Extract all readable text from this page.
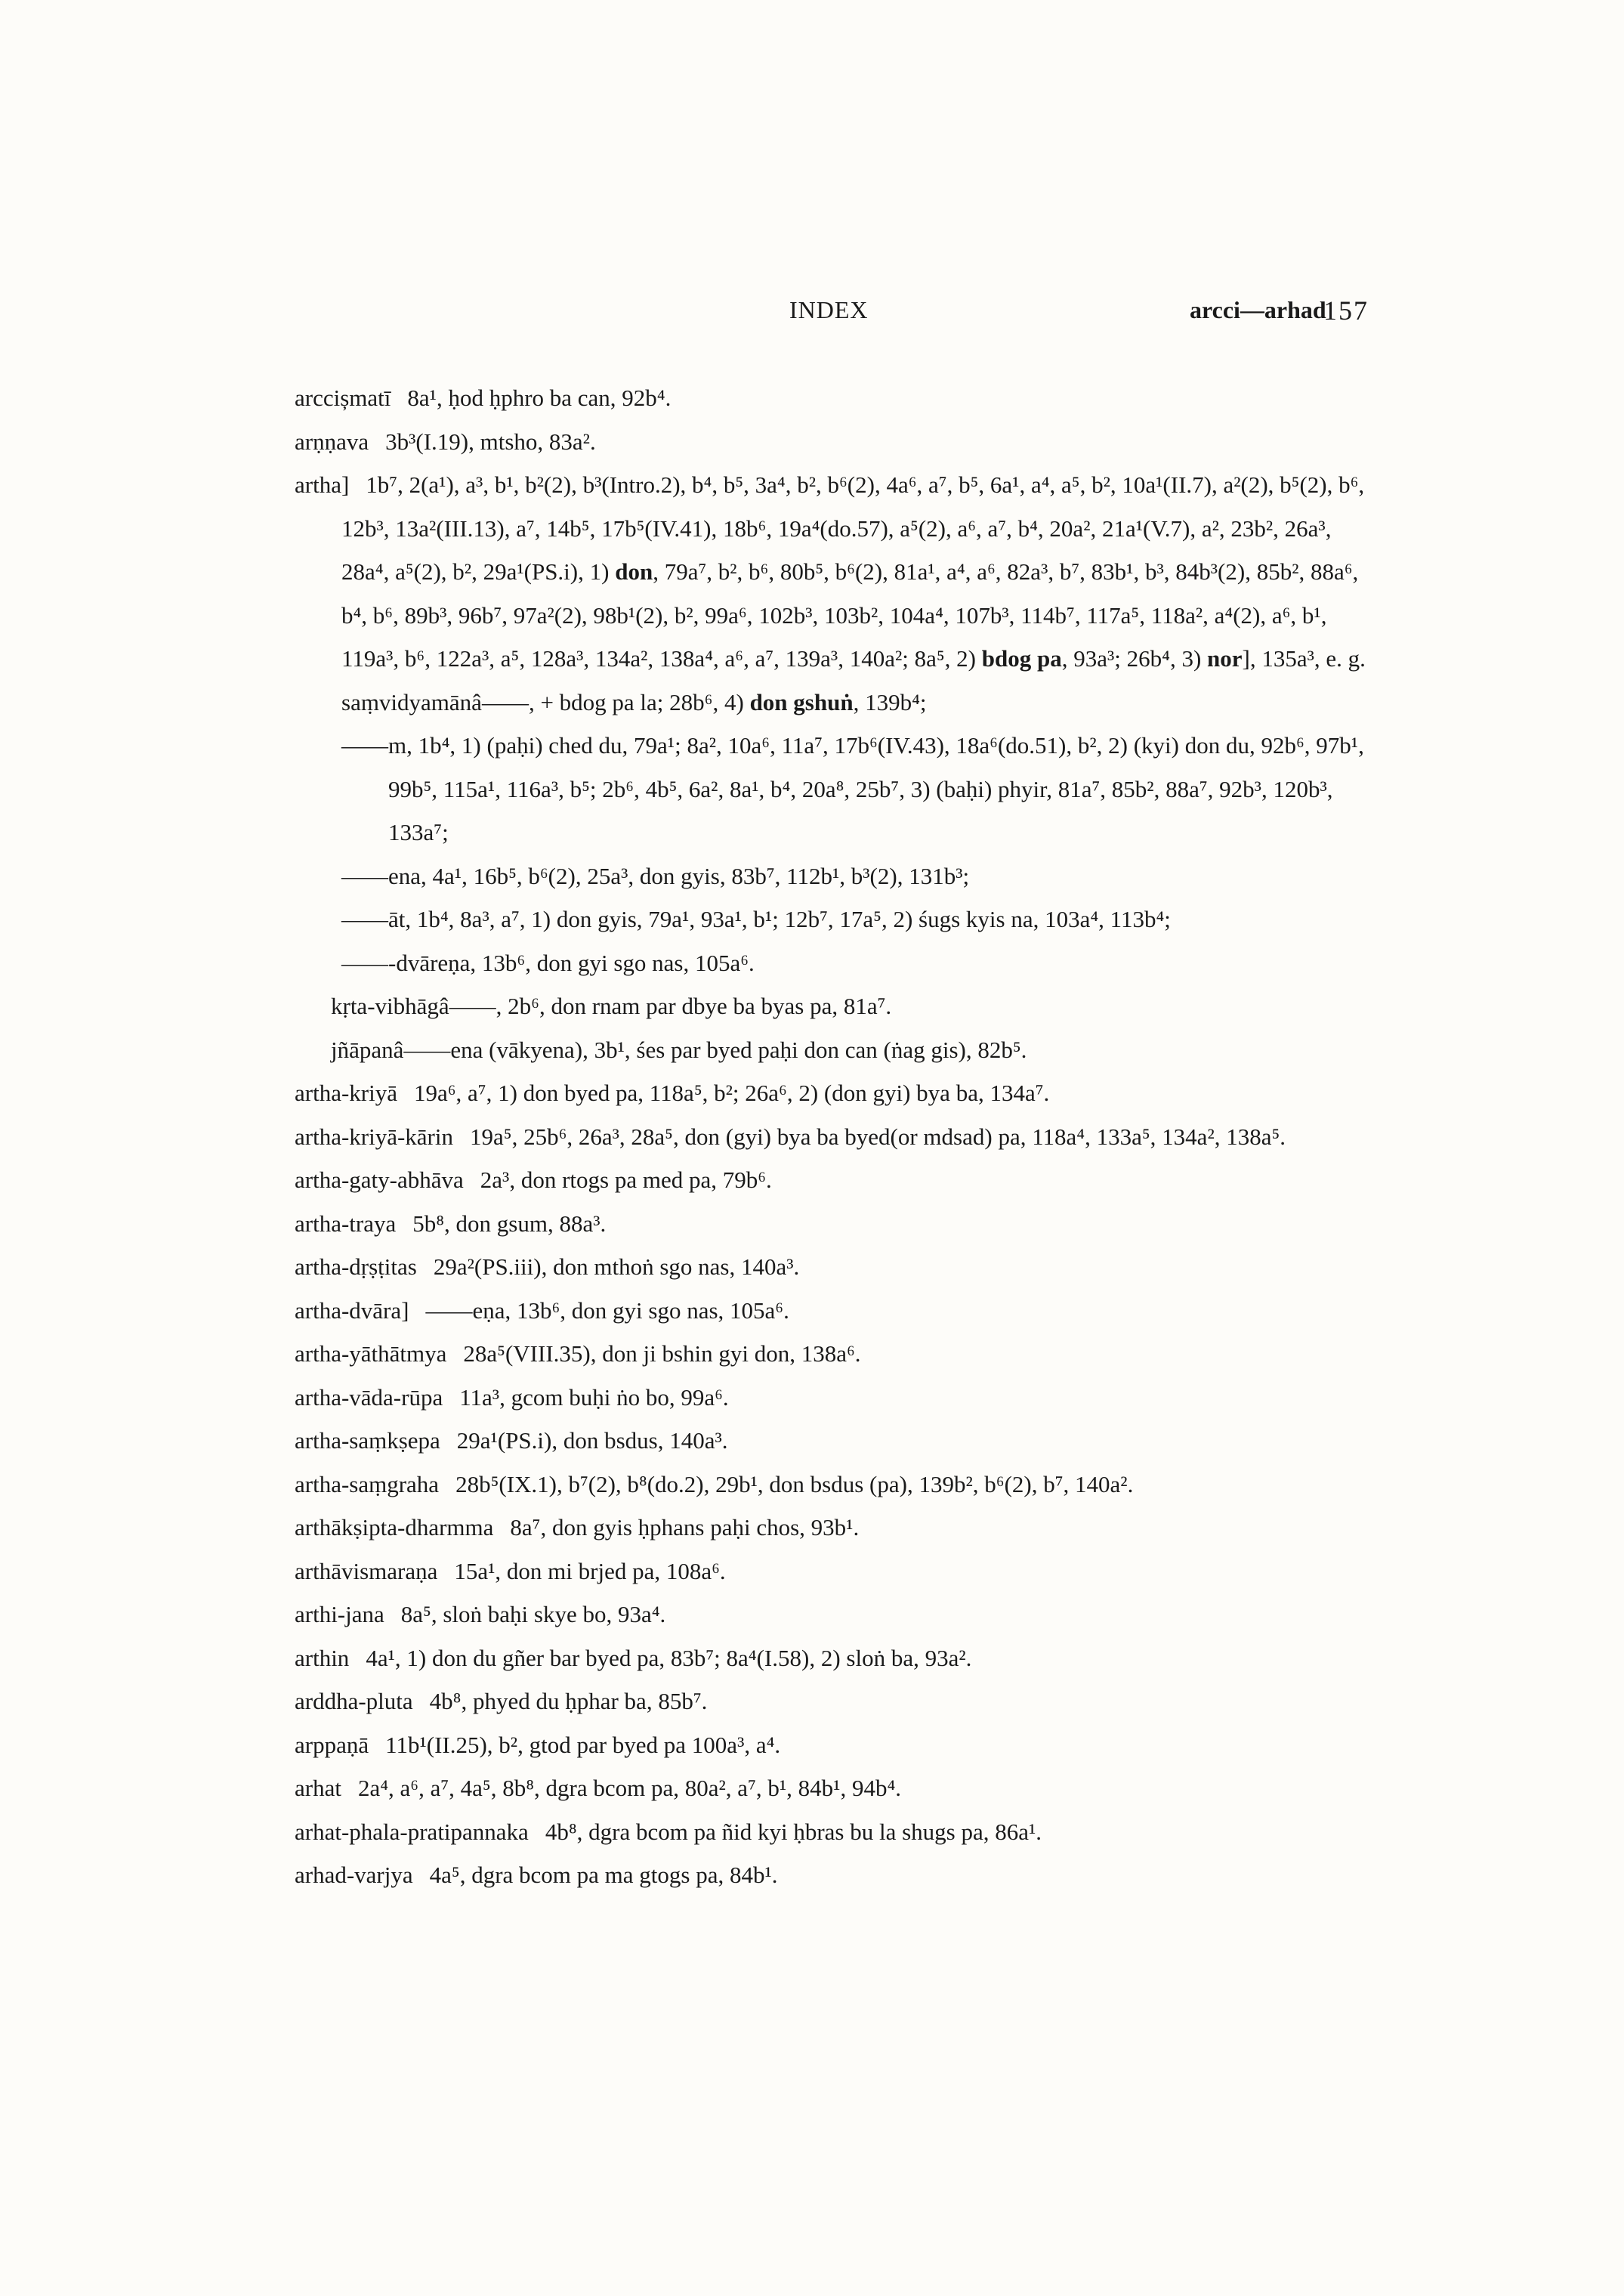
INDEX	arcci—arhad
157
arccișmatī 8a¹, ḥod ḥphro ba can, 92b⁴.
arṇṇava 3b³(I.19), mtsho, 83a².
artha] 1b⁷, 2(a¹), a³, b¹, b²(2), b³(Intro.2), b⁴, b⁵, 3a⁴, b², b⁶(2), 4a⁶, a⁷, b⁵, 6a¹, a⁴, a⁵, b², 10a¹(II.7), a²(2), b⁵(2), b⁶, 12b³, 13a²(III.13), a⁷, 14b⁵, 17b⁵(IV.41), 18b⁶, 19a⁴(do.57), a⁵(2), a⁶, a⁷, b⁴, 20a², 21a¹(V.7), a², 23b², 26a³, 28a⁴, a⁵(2), b², 29a¹(PS.i), 1) don, 79a⁷, b², b⁶, 80b⁵, b⁶(2), 81a¹, a⁴, a⁶, 82a³, b⁷, 83b¹, b³, 84b³(2), 85b², 88a⁶, b⁴, b⁶, 89b³, 96b⁷, 97a²(2), 98b¹(2), b², 99a⁶, 102b³, 103b², 104a⁴, 107b³, 114b⁷, 117a⁵, 118a², a⁴(2), a⁶, b¹, 119a³, b⁶, 122a³, a⁵, 128a³, 134a², 138a⁴, a⁶, a⁷, 139a³, 140a²; 8a⁵, 2) bdog pa, 93a³; 26b⁴, 3) nor], 135a³, e. g. saṃvidyamānâ——, + bdog pa la; 28b⁶, 4) don gshuṅ, 139b⁴;
——m, 1b⁴, 1) (paḥi) ched du, 79a¹; 8a², 10a⁶, 11a⁷, 17b⁶(IV.43), 18a⁶(do.51), b², 2) (kyi) don du, 92b⁶, 97b¹, 99b⁵, 115a¹, 116a³, b⁵; 2b⁶, 4b⁵, 6a², 8a¹, b⁴, 20a⁸, 25b⁷, 3) (baḥi) phyir, 81a⁷, 85b², 88a⁷, 92b³, 120b³, 133a⁷;
——ena, 4a¹, 16b⁵, b⁶(2), 25a³, don gyis, 83b⁷, 112b¹, b³(2), 131b³;
——āt, 1b⁴, 8a³, a⁷, 1) don gyis, 79a¹, 93a¹, b¹; 12b⁷, 17a⁵, 2) śugs kyis na, 103a⁴, 113b⁴;
——-dvāreṇa, 13b⁶, don gyi sgo nas, 105a⁶.
kṛta-vibhāgâ——, 2b⁶, don rnam par dbye ba byas pa, 81a⁷.
jñāpanâ——ena (vākyena), 3b¹, śes par byed paḥi don can (ṅag gis), 82b⁵.
artha-kriyā 19a⁶, a⁷, 1) don byed pa, 118a⁵, b²; 26a⁶, 2) (don gyi) bya ba, 134a⁷.
artha-kriyā-kārin 19a⁵, 25b⁶, 26a³, 28a⁵, don (gyi) bya ba byed(or mdsad) pa, 118a⁴, 133a⁵, 134a², 138a⁵.
artha-gaty-abhāva 2a³, don rtogs pa med pa, 79b⁶.
artha-traya 5b⁸, don gsum, 88a³.
artha-dṛṣṭitas 29a²(PS.iii), don mthoṅ sgo nas, 140a³.
artha-dvāra] ——eṇa, 13b⁶, don gyi sgo nas, 105a⁶.
artha-yāthātmya 28a⁵(VIII.35), don ji bshin gyi don, 138a⁶.
artha-vāda-rūpa 11a³, gcom buḥi ṅo bo, 99a⁶.
artha-saṃkṣepa 29a¹(PS.i), don bsdus, 140a³.
artha-saṃgraha 28b⁵(IX.1), b⁷(2), b⁸(do.2), 29b¹, don bsdus (pa), 139b², b⁶(2), b⁷, 140a².
arthākṣipta-dharmma 8a⁷, don gyis ḥphans paḥi chos, 93b¹.
arthāvismaraṇa 15a¹, don mi brjed pa, 108a⁶.
arthi-jana 8a⁵, sloṅ baḥi skye bo, 93a⁴.
arthin 4a¹, 1) don du gñer bar byed pa, 83b⁷; 8a⁴(I.58), 2) sloṅ ba, 93a².
arddha-pluta 4b⁸, phyed du ḥphar ba, 85b⁷.
arppaṇā 11b¹(II.25), b², gtod par byed pa 100a³, a⁴.
arhat 2a⁴, a⁶, a⁷, 4a⁵, 8b⁸, dgra bcom pa, 80a², a⁷, b¹, 84b¹, 94b⁴.
arhat-phala-pratipannaka 4b⁸, dgra bcom pa ñid kyi ḥbras bu la shugs pa, 86a¹.
arhad-varjya 4a⁵, dgra bcom pa ma gtogs pa, 84b¹.
